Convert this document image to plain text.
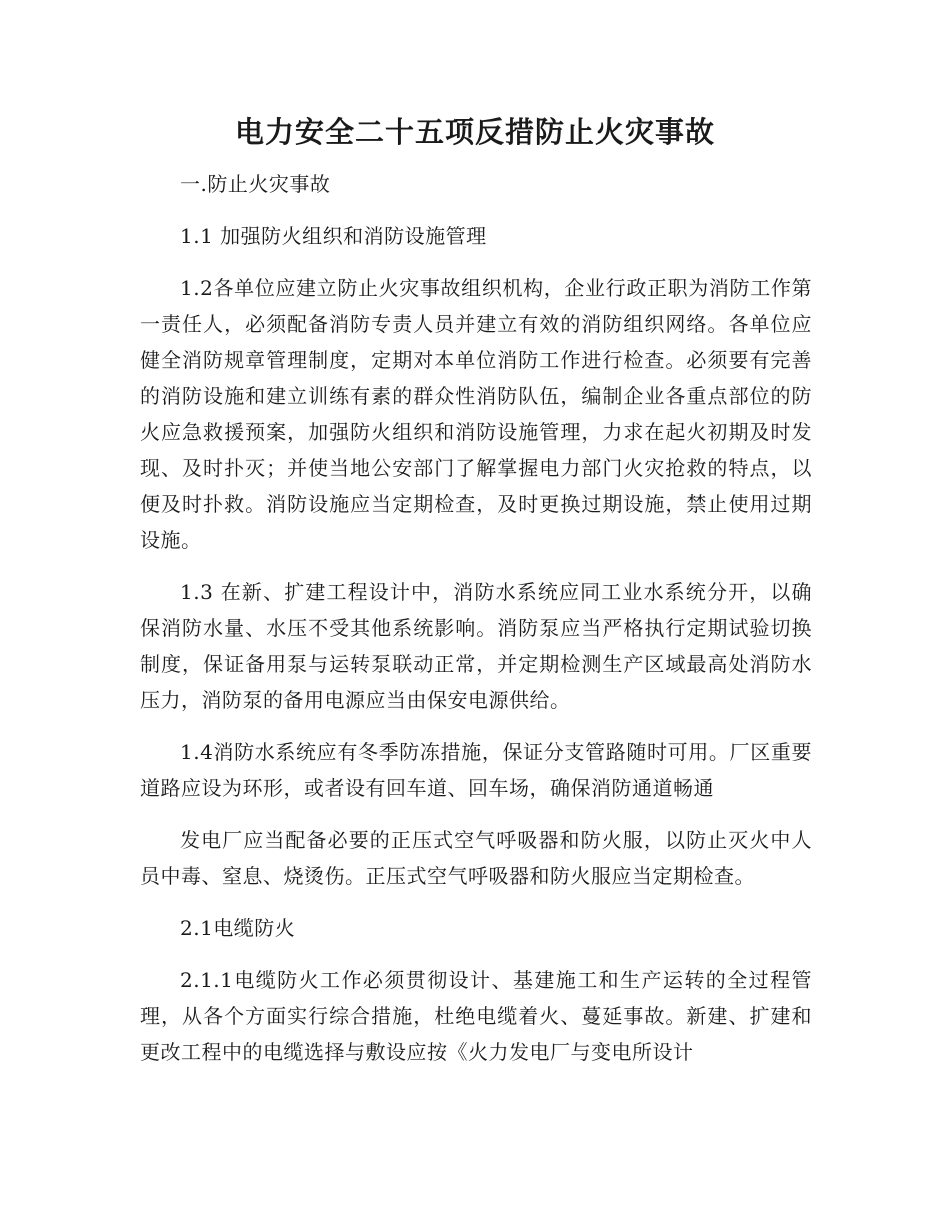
电力安全二十五项反措防止火灾事故

一.防止火灾事故

1.1 加强防火组织和消防设施管理

1.2各单位应建立防止火灾事故组织机构，企业行政正职为消防工作第一责任人，必须配备消防专责人员并建立有效的消防组织网络。各单位应健全消防规章管理制度，定期对本单位消防工作进行检查。必须要有完善的消防设施和建立训练有素的群众性消防队伍，编制企业各重点部位的防火应急救援预案，加强防火组织和消防设施管理，力求在起火初期及时发现、及时扑灭；并使当地公安部门了解掌握电力部门火灾抢救的特点，以便及时扑救。消防设施应当定期检查，及时更换过期设施，禁止使用过期设施。

1.3 在新、扩建工程设计中，消防水系统应同工业水系统分开，以确保消防水量、水压不受其他系统影响。消防泵应当严格执行定期试验切换制度，保证备用泵与运转泵联动正常，并定期检测生产区域最高处消防水压力，消防泵的备用电源应当由保安电源供给。

1.4消防水系统应有冬季防冻措施，保证分支管路随时可用。厂区重要道路应设为环形，或者设有回车道、回车场，确保消防通道畅通

发电厂应当配备必要的正压式空气呼吸器和防火服，以防止灭火中人员中毒、窒息、烧烫伤。正压式空气呼吸器和防火服应当定期检查。

2.1电缆防火

2.1.1电缆防火工作必须贯彻设计、基建施工和生产运转的全过程管理，从各个方面实行综合措施，杜绝电缆着火、蔓延事故。新建、扩建和更改工程中的电缆选择与敷设应按《火力发电厂与变电所设计
